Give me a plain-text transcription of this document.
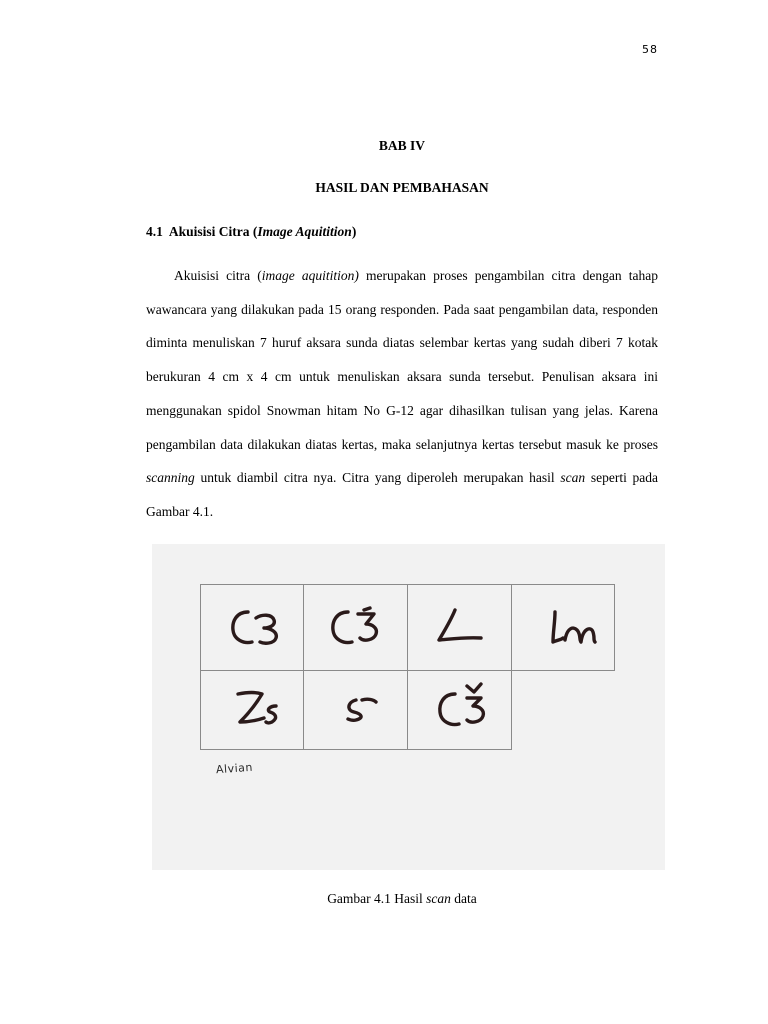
58
BAB IV
HASIL DAN PEMBAHASAN
4.1 Akuisisi Citra (Image Aquitition)

Akuisisi citra (image aquitition) merupakan proses pengambilan citra dengan tahap wawancara yang dilakukan pada 15 orang responden. Pada saat pengambilan data, responden diminta menuliskan 7 huruf aksara sunda diatas selembar kertas yang sudah diberi 7 kotak berukuran 4 cm x 4 cm untuk menuliskan aksara sunda tersebut. Penulisan aksara ini menggunakan spidol Snowman hitam No G-12 agar dihasilkan tulisan yang jelas. Karena pengambilan data dilakukan diatas kertas, maka selanjutnya kertas tersebut masuk ke proses scanning untuk diambil citra nya. Citra yang diperoleh merupakan hasil scan seperti pada Gambar 4.1.

Alvian
Gambar 4.1 Hasil scan data
